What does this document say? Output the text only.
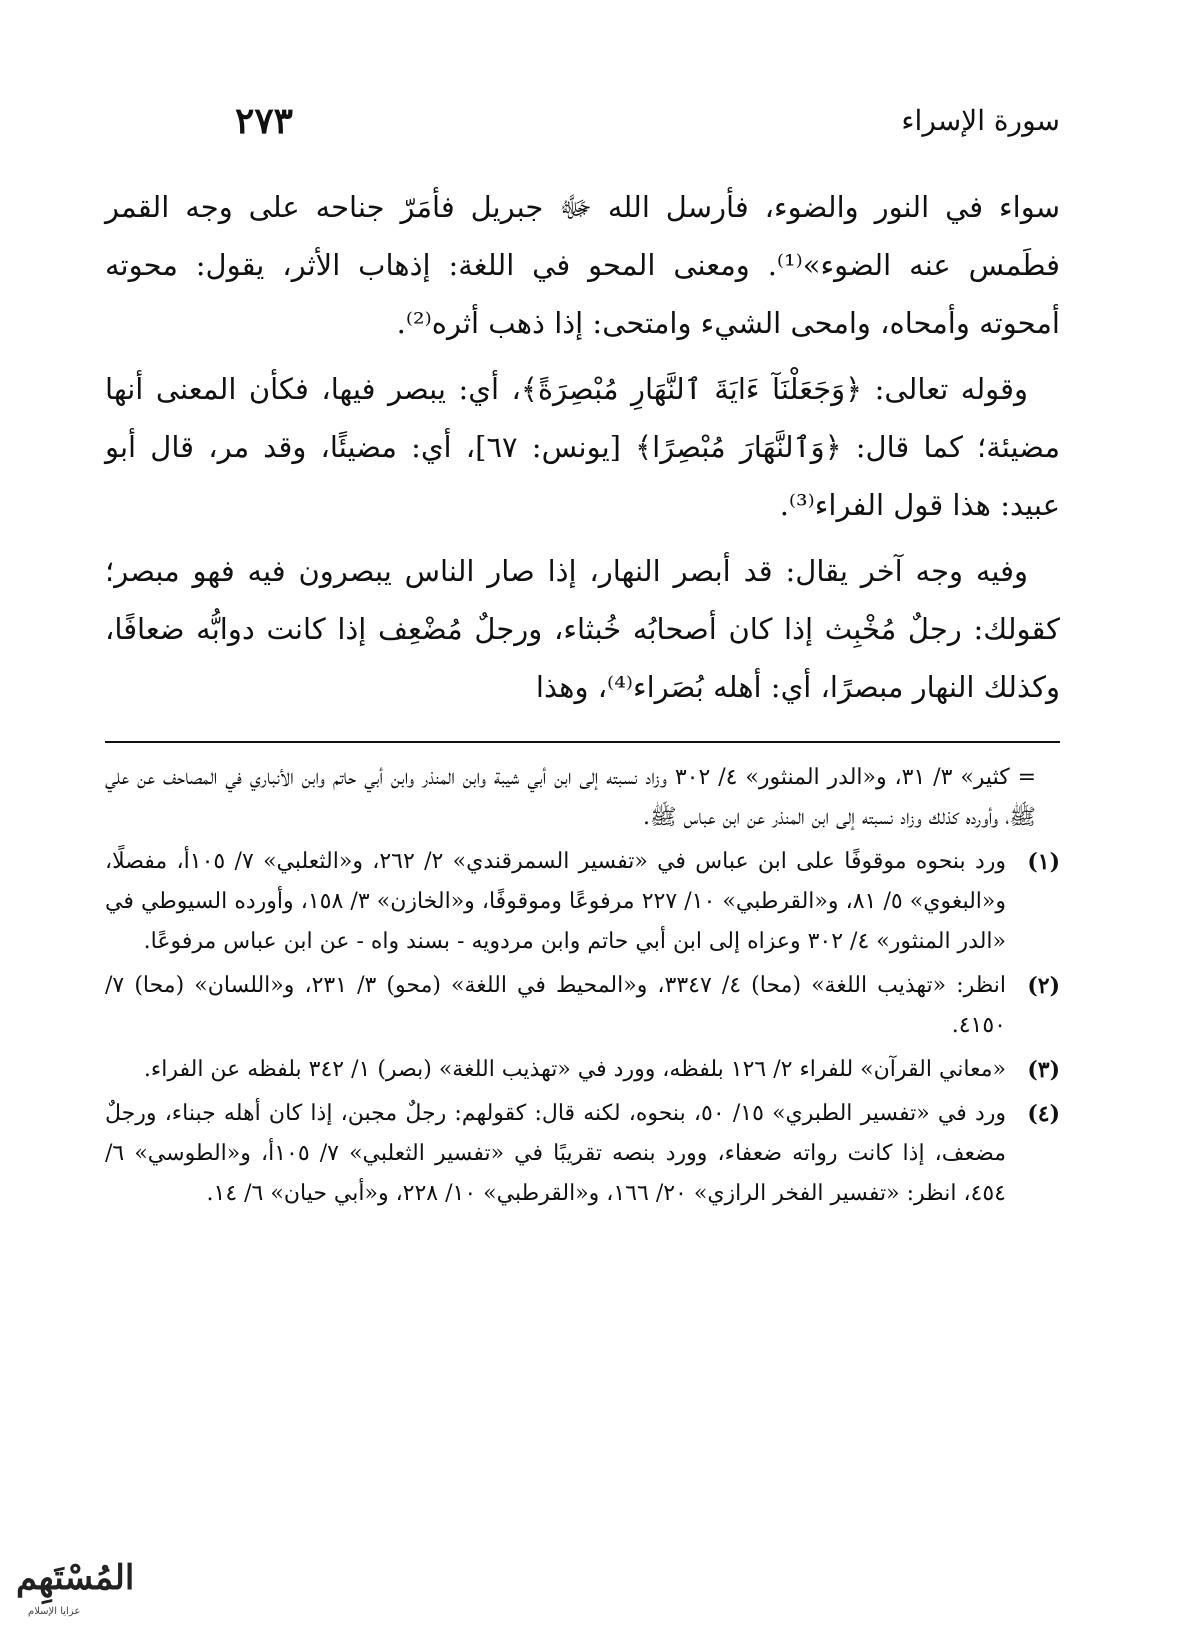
٢٧٣	سورة الإسراء

سواء في النور والضوء، فأرسل الله ﷻ جبريل فأمَرّ جناحه على وجه القمر فطَمس عنه الضوء»⁽¹⁾. ومعنى المحو في اللغة: إذهاب الأثر، يقول: محوته أمحوته وأمحاه، وامحى الشيء وامتحى: إذا ذهب أثره⁽²⁾.

وقوله تعالى: ﴿وَجَعَلْنَآ ءَايَةَ ٱلنَّهَارِ مُبْصِرَةً﴾، أي: يبصر فيها، فكأن المعنى أنها مضيئة؛ كما قال: ﴿وَٱلنَّهَارَ مُبْصِرًا﴾ [يونس: ٦٧]، أي: مضيئًا، وقد مر، قال أبو عبيد: هذا قول الفراء⁽³⁾.

وفيه وجه آخر يقال: قد أبصر النهار، إذا صار الناس يبصرون فيه فهو مبصر؛ كقولك: رجلٌ مُخْبِث إذا كان أصحابُه خُبثاء، ورجلٌ مُضْعِف إذا كانت دوابُّه ضعافًا، وكذلك النهار مبصرًا، أي: أهله بُصَراء⁽⁴⁾، وهذا

= كثير» ٣/ ٣١، و«الدر المنثور» ٤/ ٣٠٢ وزاد نسبته إلى ابن أبي شيبة وابن المنذر وابن أبي حاتم وابن الأنباري في المصاحف عن علي ﷺ، وأورده كذلك وزاد نسبته إلى ابن المنذر عن ابن عباس ﷺ.
(١)
ورد بنحوه موقوفًا على ابن عباس في «تفسير السمرقندي» ٢/ ٢٦٢، و«الثعلبي» ٧/ ١٠٥أ، مفصلًا، و«البغوي» ٥/ ٨١، و«القرطبي» ١٠/ ٢٢٧ مرفوعًا وموقوفًا، و«الخازن» ٣/ ١٥٨، وأورده السيوطي في «الدر المنثور» ٤/ ٣٠٢ وعزاه إلى ابن أبي حاتم وابن مردويه - بسند واه - عن ابن عباس مرفوعًا.
(٢)
انظر: «تهذيب اللغة» (محا) ٤/ ٣٣٤٧، و«المحيط في اللغة» (محو) ٣/ ٢٣١، و«اللسان» (محا) ٧/ ٤١٥٠.
(٣)
«معاني القرآن» للفراء ٢/ ١٢٦ بلفظه، وورد في «تهذيب اللغة» (بصر) ١/ ٣٤٢ بلفظه عن الفراء.
(٤)
ورد في «تفسير الطبري» ١٥/ ٥٠، بنحوه، لكنه قال: كقولهم: رجلٌ مجبن، إذا كان أهله جبناء، ورجلٌ مضعف، إذا كانت رواته ضعفاء، وورد بنصه تقريبًا في «تفسير الثعلبي» ٧/ ١٠٥أ، و«الطوسي» ٦/ ٤٥٤، انظر: «تفسير الفخر الرازي» ٢٠/ ١٦٦، و«القرطبي» ١٠/ ٢٢٨، و«أبي حيان» ٦/ ١٤.
المُسْتَهِم
عزايا الإسلام
